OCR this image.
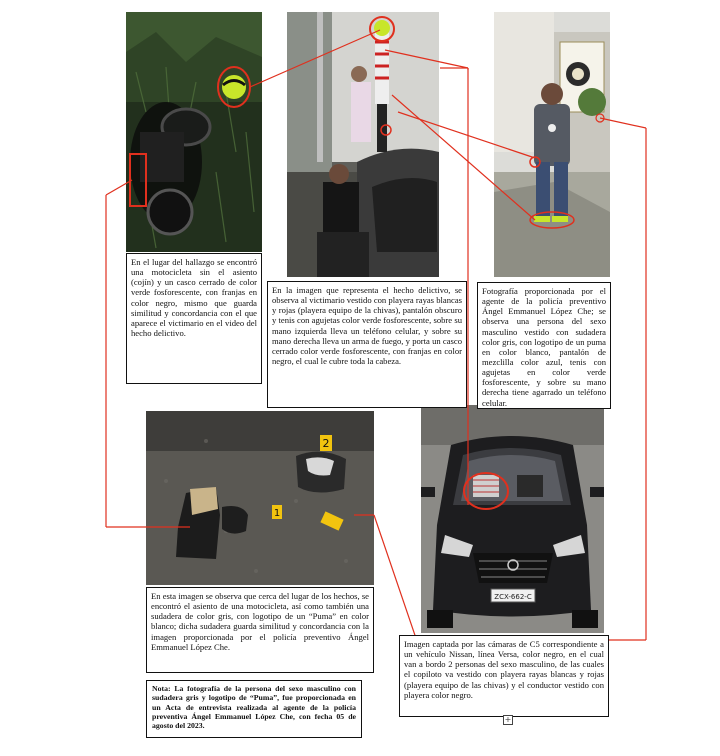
2
1
ZCX-662-C
En el lugar del hallazgo se encontró una motocicleta sin el asiento (cojín) y un casco cerrado de color verde fosforescente, con franjas en color negro, mismo que guarda similitud y concordancia con el que aparece el victimario en el video del hecho delictivo.
En la imagen que representa el hecho delictivo, se observa al victimario vestido con playera rayas blancas y rojas (playera equipo de la chivas), pantalón obscuro y tenis con agujetas color verde fosforescente, sobre su mano izquierda lleva un teléfono celular, y sobre su mano derecha lleva un arma de fuego, y porta un casco cerrado color verde fosforescente, con franjas en color negro, el cual le cubre toda la cabeza.
Fotografía proporcionada por el agente de la policía preventivo Ángel Emmanuel López Che; se observa una persona del sexo masculino vestido con sudadera color gris, con logotipo de un puma en color blanco, pantalón de mezclilla color azul, tenis con agujetas en color verde fosforescente, y sobre su mano derecha tiene agarrado un teléfono celular.
En esta imagen se observa que cerca del lugar de los hechos, se encontró el asiento de una motocicleta, así como también una sudadera de color gris, con logotipo de un “Puma” en color blanco; dicha sudadera guarda similitud y concordancia con la imagen proporcionada por el policía preventivo Ángel Emmanuel López Che.	Imagen captada por las cámaras de C5 correspondiente a un vehículo Nissan, línea Versa, color negro, en el cual van a bordo 2 personas del sexo masculino, de las cuales el copiloto va vestido con playera rayas blancas y rojas (playera equipo de las chivas) y el conductor vestido con playera color negro.
Nota: La fotografía de la persona del sexo masculino con sudadera gris y logotipo de “Puma”, fue proporcionada en un Acta de entrevista realizada al agente de la policía preventiva Ángel Emmanuel López Che, con fecha 05 de agosto del 2023.
+
